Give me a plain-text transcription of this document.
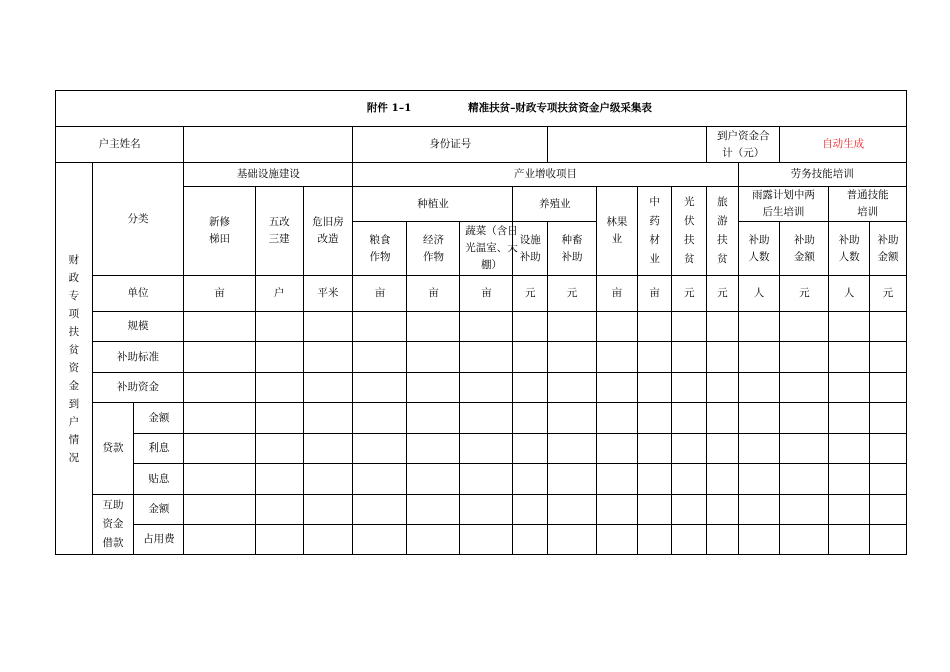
附件 1–1 精准扶贫–财政专项扶贫资金户级采集表																		
户主姓名						身份证号								到户资金合计（元）		自动生成		
财政专项扶贫资金到户情况	分类		基础设施建设			产业增收项目									劳务技能培训			
			新修梯田	五改三建	危旧房改造	种植业			养殖业		林果业	中药材业	光伏扶贫	旅游扶贫	雨露计划中两后生培训		普通技能培训	
						粮食作物	经济作物	蔬菜（含日光温室、大棚）	设施补助	种畜补助					补助人数	补助金额	补助人数	补助金额
	单位		亩	户	平米	亩	亩	亩	元	元	亩	亩	元	元	人	元	人	元
	规模																	
	补助标准																	
	补助资金																	
	贷款	金额																
		利息																
		贴息																
	互助资金借款	金额																
		占用费																
